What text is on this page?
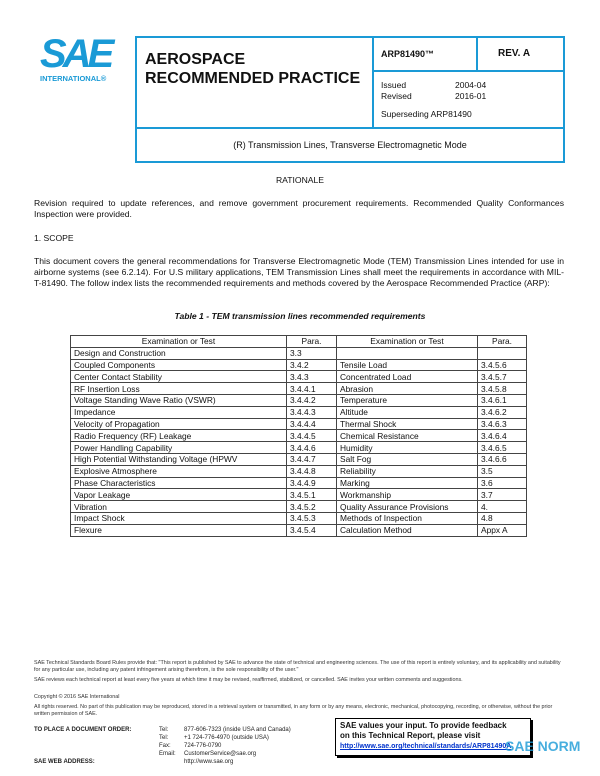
SAE
INTERNATIONAL®
AEROSPACE
RECOMMENDED PRACTICE
ARP81490™	REV. A
Issued	2004-04
Revised	2016-01
Superseding ARP81490
(R) Transmission Lines, Transverse Electromagnetic Mode
RATIONALE
Revision required to update references, and remove government procurement requirements. Recommended Quality Conformances Inspection were provided.
1. SCOPE
This document covers the general recommendations for Transverse Electromagnetic Mode (TEM) Transmission Lines intended for use in airborne systems (see 6.2.14). For U.S military applications, TEM Transmission Lines shall meet the requirements in accordance with MIL-T-81490. The follow index lists the recommended requirements and methods covered by the Aerospace Recommended Practice (ARP):
Table 1 - TEM transmission lines recommended requirements
Examination or Test	Para.	Examination or Test	Para.
Design and Construction	3.3		
Coupled Components	3.4.2	Tensile Load	3.4.5.6
Center Contact Stability	3.4.3	Concentrated Load	3.4.5.7
RF Insertion Loss	3.4.4.1	Abrasion	3.4.5.8
Voltage Standing Wave Ratio (VSWR)	3.4.4.2	Temperature	3.4.6.1
Impedance	3.4.4.3	Altitude	3.4.6.2
Velocity of Propagation	3.4.4.4	Thermal Shock	3.4.6.3
Radio Frequency (RF) Leakage	3.4.4.5	Chemical Resistance	3.4.6.4
Power Handling Capability	3.4.4.6	Humidity	3.4.6.5
High Potential Withstanding Voltage (HPWV	3.4.4.7	Salt Fog	3.4.6.6
Explosive Atmosphere	3.4.4.8	Reliability	3.5
Phase Characteristics	3.4.4.9	Marking	3.6
Vapor Leakage	3.4.5.1	Workmanship	3.7
Vibration	3.4.5.2	Quality Assurance Provisions	4.
Impact Shock	3.4.5.3	Methods of Inspection	4.8
Flexure	3.4.5.4	Calculation Method	Appx A
SAE Technical Standards Board Rules provide that: "This report is published by SAE to advance the state of technical and engineering sciences. The use of this report is entirely voluntary, and its applicability and suitability for any particular use, including any patent infringement arising therefrom, is the sole responsibility of the user."
SAE reviews each technical report at least every five years at which time it may be revised, reaffirmed, stabilized, or cancelled. SAE invites your written comments and suggestions.
Copyright © 2016 SAE International
All rights reserved. No part of this publication may be reproduced, stored in a retrieval system or transmitted, in any form or by any means, electronic, mechanical, photocopying, recording, or otherwise, without the prior written permission of SAE.
TO PLACE A DOCUMENT ORDER:	Tel:	877-606-7323 (inside USA and Canada)
Tel:	+1 724-776-4970 (outside USA)
Fax:	724-776-0790
Email:	CustomerService@sae.org
SAE WEB ADDRESS:	http://www.sae.org
SAE values your input. To provide feedback
on this Technical Report, please visit
http://www.sae.org/technical/standards/ARP81490A
SAE NORM
